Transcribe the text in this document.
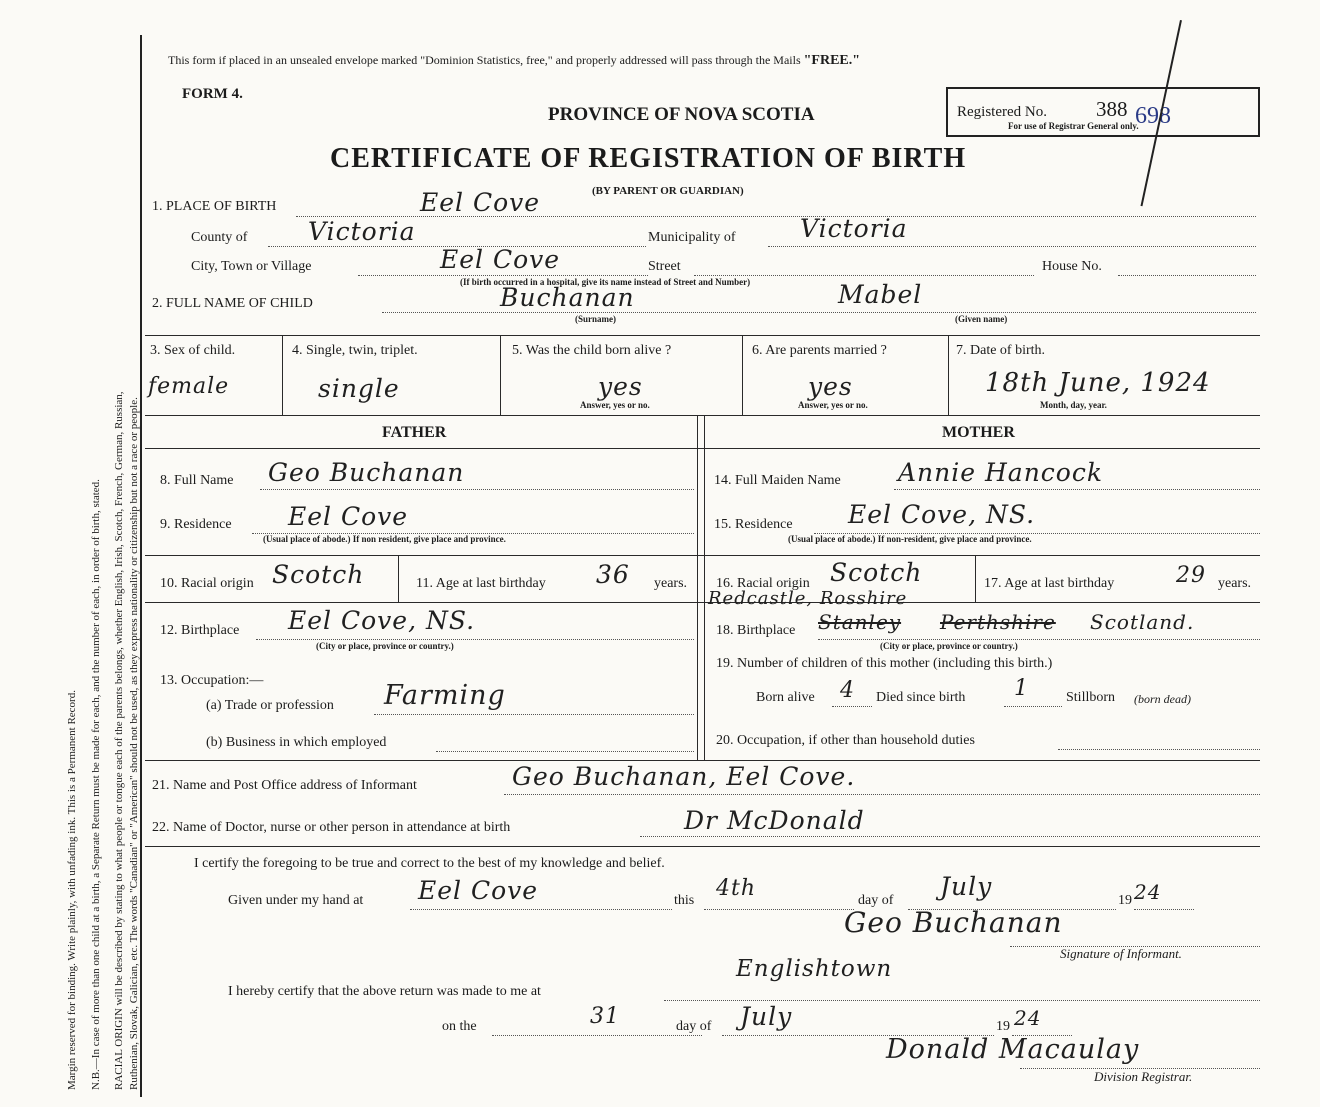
Margin reserved for binding. Write plainly, with unfading ink. This is a Permanent Record. N.B.—In case of more than one child at a birth, a Separate Return must be made for each, and the number of each, in order of birth, stated. RACIAL ORIGIN will be described by stating to what people or tongue each of the parents belongs, whether English, Irish, Scotch, French, German, Russian, Ruthenian, Slovak, Galician, etc. The words "Canadian" or "American" should not be used, as they express nationality or citizenship but not a race or people.
This form if placed in an unsealed envelope marked "Dominion Statistics, free," and properly addressed will pass through the Mails "FREE."
FORM 4.
PROVINCE OF NOVA SCOTIA
CERTIFICATE OF REGISTRATION OF BIRTH
(BY PARENT OR GUARDIAN)
Registered No. 388 698
For use of Registrar General only.
1. PLACE OF BIRTH	Eel Cove
County of Victoria	Municipality of	Victoria
City, Town or Village	Eel Cove	Street	House No.
(If birth occurred in a hospital, give its name instead of Street and Number)
2. FULL NAME OF CHILD	Buchanan	Mabel
(Surname)	(Given name)
3. Sex of child.
female
4. Single, twin, triplet.
single
5. Was the child born alive ?
yes
Answer, yes or no.
6. Are parents married ?
yes
Answer, yes or no.
7. Date of birth.
18th June, 1924
Month, day, year.
FATHER	MOTHER
8. Full Name Geo Buchanan
9. Residence Eel Cove
(Usual place of abode.) If non resident, give place and province.
10. Racial origin Scotch	11. Age at last birthday 36 years.
12. Birthplace Eel Cove, NS.
(City or place, province or country.)
13. Occupation:—
(a) Trade or profession Farming
(b) Business in which employed
14. Full Maiden Name Annie Hancock
15. Residence Eel Cove, NS.
(Usual place of abode.) If non-resident, give place and province.
16. Racial origin Scotch	17. Age at last birthday	29 years.
Redcastle, Rosshire
18. Birthplace Stanley Perthshire Scotland.
(City or place, province or country.)
19. Number of children of this mother (including this birth.)
Born alive 4 Died since birth 1	Stillborn (born dead)
20. Occupation, if other than household duties
21. Name and Post Office address of Informant	Geo Buchanan, Eel Cove.
22. Name of Doctor, nurse or other person in attendance at birth	Dr McDonald
I certify the foregoing to be true and correct to the best of my knowledge and belief.
Given under my hand at Eel Cove	this 4th	day of July	19 24
Geo Buchanan
Signature of Informant.
I hereby certify that the above return was made to me at
Englishtown
on the	31	day of July	19 24
Donald Macaulay
Division Registrar.
